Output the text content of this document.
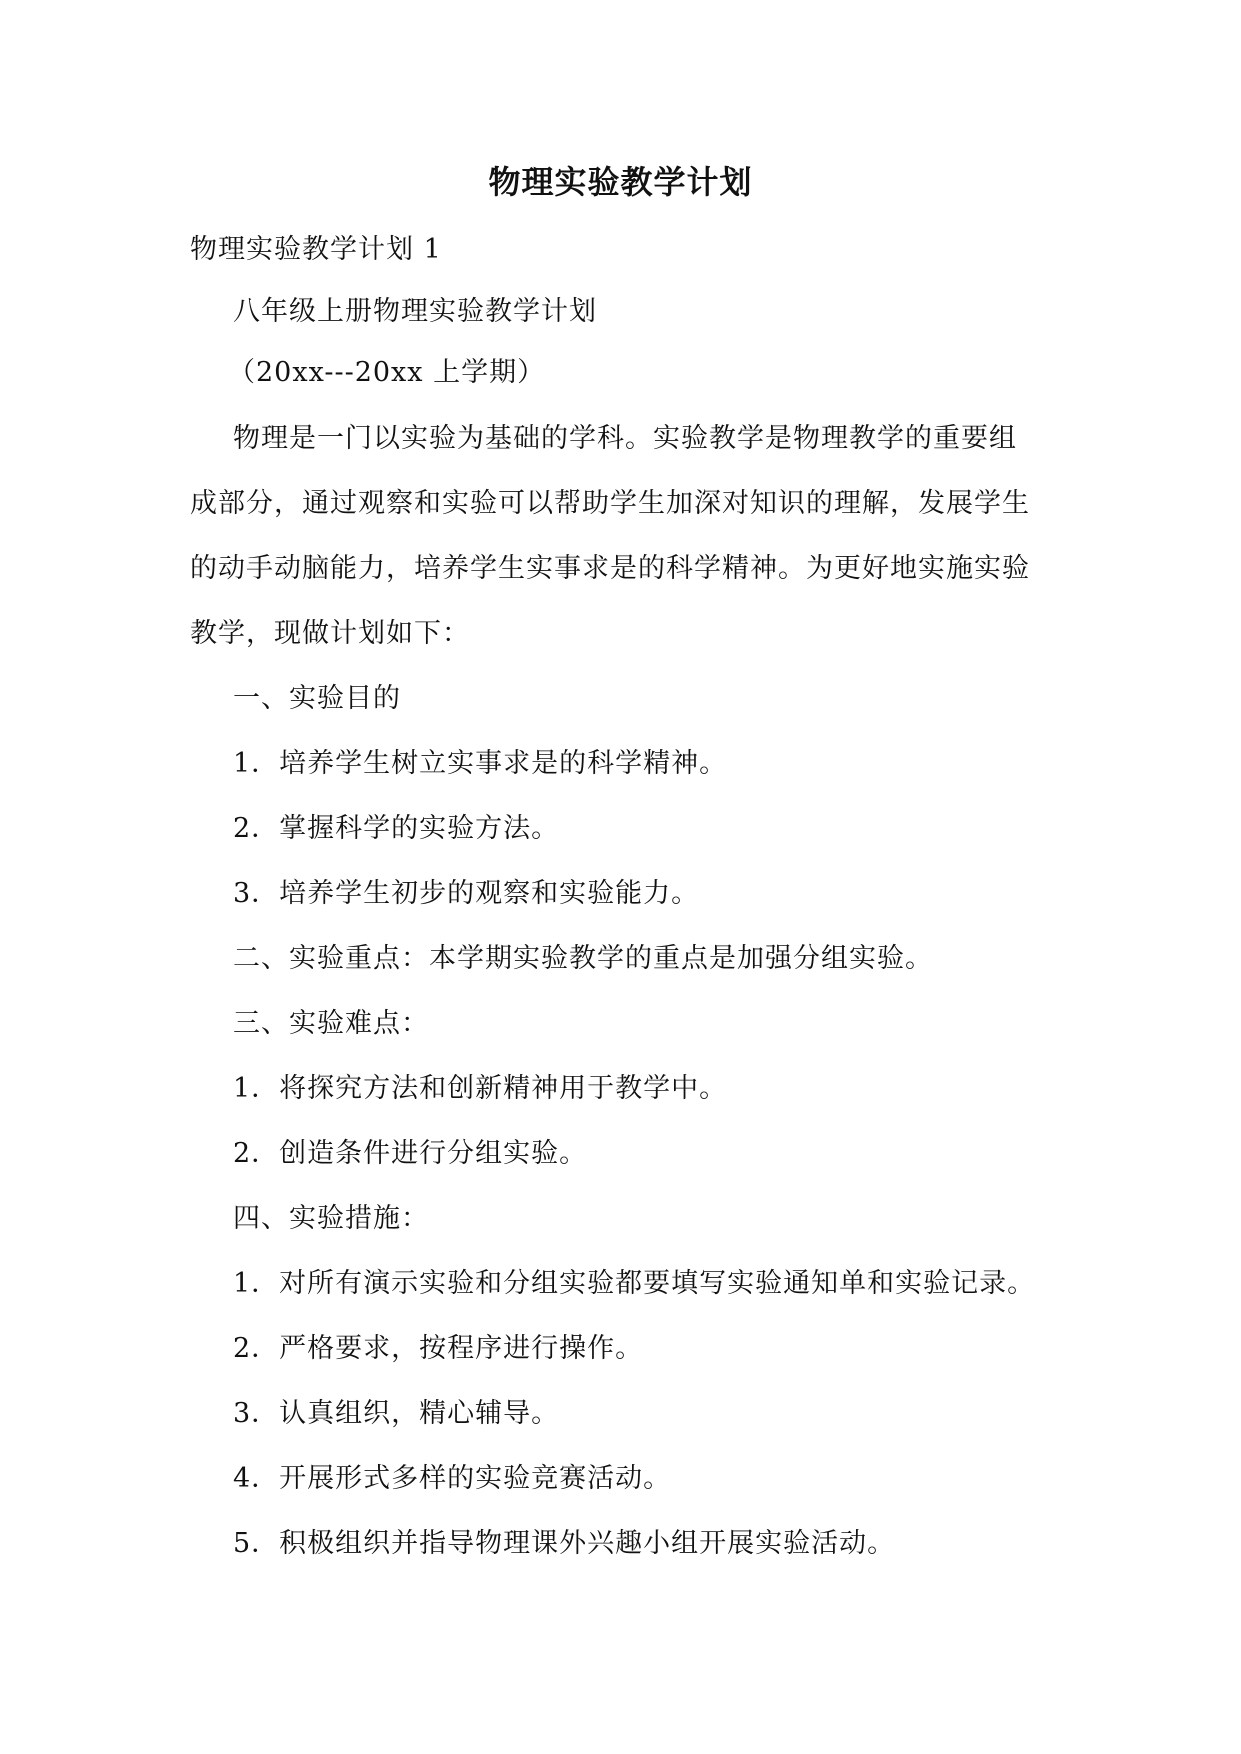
物理实验教学计划
物理实验教学计划 1
八年级上册物理实验教学计划
（20xx---20xx 上学期）
物理是一门以实验为基础的学科。实验教学是物理教学的重要组
成部分，通过观察和实验可以帮助学生加深对知识的理解，发展学生
的动手动脑能力，培养学生实事求是的科学精神。为更好地实施实验
教学，现做计划如下：
一、实验目的
1．培养学生树立实事求是的科学精神。
2．掌握科学的实验方法。
3．培养学生初步的观察和实验能力。
二、实验重点：本学期实验教学的重点是加强分组实验。
三、实验难点：
1．将探究方法和创新精神用于教学中。
2．创造条件进行分组实验。
四、实验措施：
1．对所有演示实验和分组实验都要填写实验通知单和实验记录。
2．严格要求，按程序进行操作。
3．认真组织，精心辅导。
4．开展形式多样的实验竞赛活动。
5．积极组织并指导物理课外兴趣小组开展实验活动。
